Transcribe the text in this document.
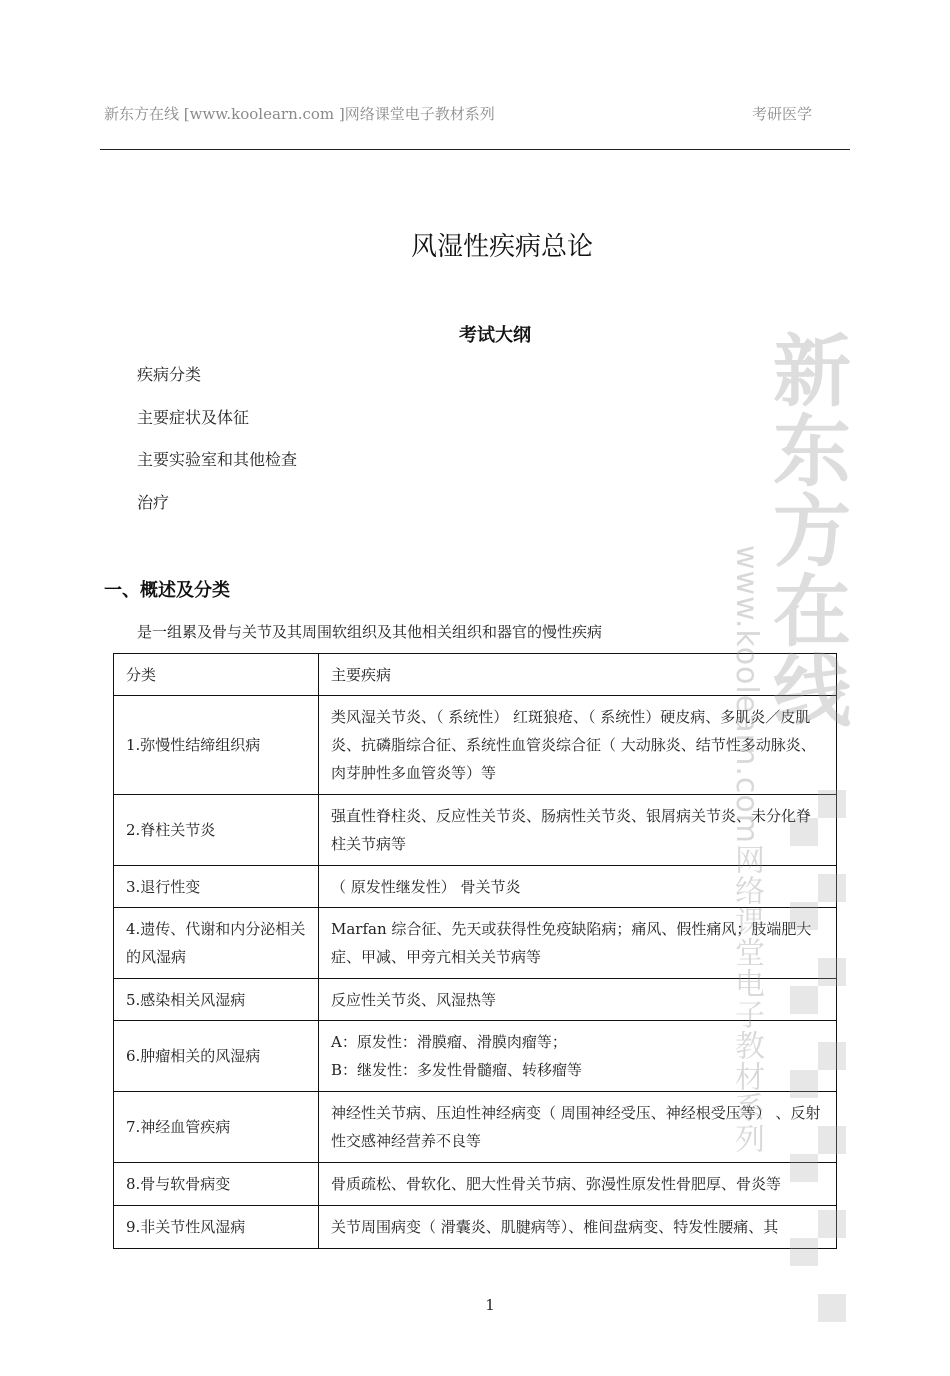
新东方在线 [www.koolearn.com ]网络课堂电子教材系列	考研医学
风湿性疾病总论
考试大纲
疾病分类
主要症状及体征
主要实验室和其他检查
治疗
一、概述及分类
是一组累及骨与关节及其周围软组织及其他相关组织和器官的慢性疾病
分类	主要疾病
1.弥慢性结缔组织病	类风湿关节炎、（ 系统性） 红斑狼疮、（ 系统性）硬皮病、多肌炎／皮肌炎、抗磷脂综合征、系统性血管炎综合征（ 大动脉炎、结节性多动脉炎、肉芽肿性多血管炎等）等
2.脊柱关节炎	强直性脊柱炎、反应性关节炎、肠病性关节炎、银屑病关节炎、未分化脊柱关节病等
3.退行性变	（ 原发性继发性） 骨关节炎
4.遗传、代谢和内分泌相关的风湿病	Marfan 综合征、先天或获得性免疫缺陷病；痛风、假性痛风；肢端肥大症、甲减、甲旁亢相关关节病等
5.感染相关风湿病	反应性关节炎、风湿热等
6.肿瘤相关的风湿病	A：原发性：滑膜瘤、滑膜肉瘤等；
B：继发性：多发性骨髓瘤、转移瘤等

7.神经血管疾病	神经性关节病、压迫性神经病变（ 周围神经受压、神经根受压等） 、反射性交感神经营养不良等
8.骨与软骨病变	骨质疏松、骨软化、肥大性骨关节病、弥漫性原发性骨肥厚、骨炎等
9.非关节性风湿病	关节周围病变（ 滑囊炎、肌腱病等）、椎间盘病变、特发性腰痛、其
新东方在线
www.koolearn.com网络课堂电子教材系列
1
